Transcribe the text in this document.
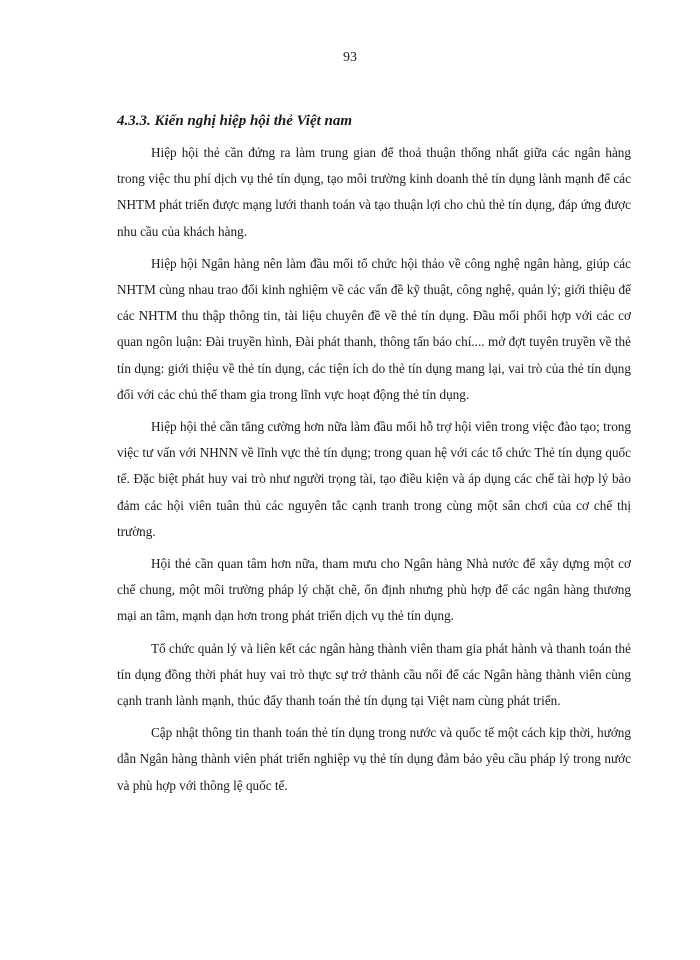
93
4.3.3. Kiến nghị hiệp hội thẻ Việt nam

Hiệp hội thẻ cần đứng ra làm trung gian để thoả thuận thống nhất giữa các ngân hàng trong việc thu phí dịch vụ thẻ tín dụng, tạo môi trường kinh doanh thẻ tín dụng lành mạnh để các NHTM phát triển được mạng lưới thanh toán và tạo thuận lợi cho chủ thẻ tín dụng, đáp ứng được nhu cầu của khách hàng.

Hiệp hội Ngân hàng nên làm đầu mối tổ chức hội thảo về công nghệ ngân hàng, giúp các NHTM cùng nhau trao đổi kinh nghiệm về các vấn đề kỹ thuật, công nghệ, quản lý; giới thiệu để các NHTM thu thập thông tin, tài liệu chuyên đề về thẻ tín dụng. Đầu mối phối hợp với các cơ quan ngôn luận: Đài truyền hình, Đài phát thanh, thông tấn báo chí.... mở đợt tuyên truyền về thẻ tín dụng: giới thiệu về thẻ tín dụng, các tiện ích do thẻ tín dụng mang lại, vai trò của thẻ tín dụng đối với các chủ thể tham gia trong lĩnh vực hoạt động thẻ tín dụng.

Hiệp hội thẻ cần tăng cường hơn nữa làm đầu mối hỗ trợ hội viên trong việc đào tạo; trong việc tư vấn với NHNN về lĩnh vực thẻ tín dụng; trong quan hệ với các tổ chức Thẻ tín dụng quốc tế. Đặc biệt phát huy vai trò như người trọng tài, tạo điều kiện và áp dụng các chế tài hợp lý bảo đảm các hội viên tuân thủ các nguyên tắc cạnh tranh trong cùng một sân chơi của cơ chế thị trường.

Hội thẻ cần quan tâm hơn nữa, tham mưu cho Ngân hàng Nhà nước để xây dựng một cơ chế chung, một môi trường pháp lý chặt chẽ, ổn định nhưng phù hợp để các ngân hàng thương mại an tâm, mạnh dạn hơn trong phát triển dịch vụ thẻ tín dụng.

Tổ chức quản lý và liên kết các ngân hàng thành viên tham gia phát hành và thanh toán thẻ tín dụng đồng thời phát huy vai trò thực sự trở thành cầu nối để các Ngân hàng thành viên cùng cạnh tranh lành mạnh, thúc đẩy thanh toán thẻ tín dụng tại Việt nam cùng phát triển.

Cập nhật thông tin thanh toán thẻ tín dụng trong nước và quốc tế một cách kịp thời, hướng dẫn Ngân hàng thành viên phát triển nghiệp vụ thẻ tín dụng đảm bảo yêu cầu pháp lý trong nước và phù hợp với thông lệ quốc tế.
